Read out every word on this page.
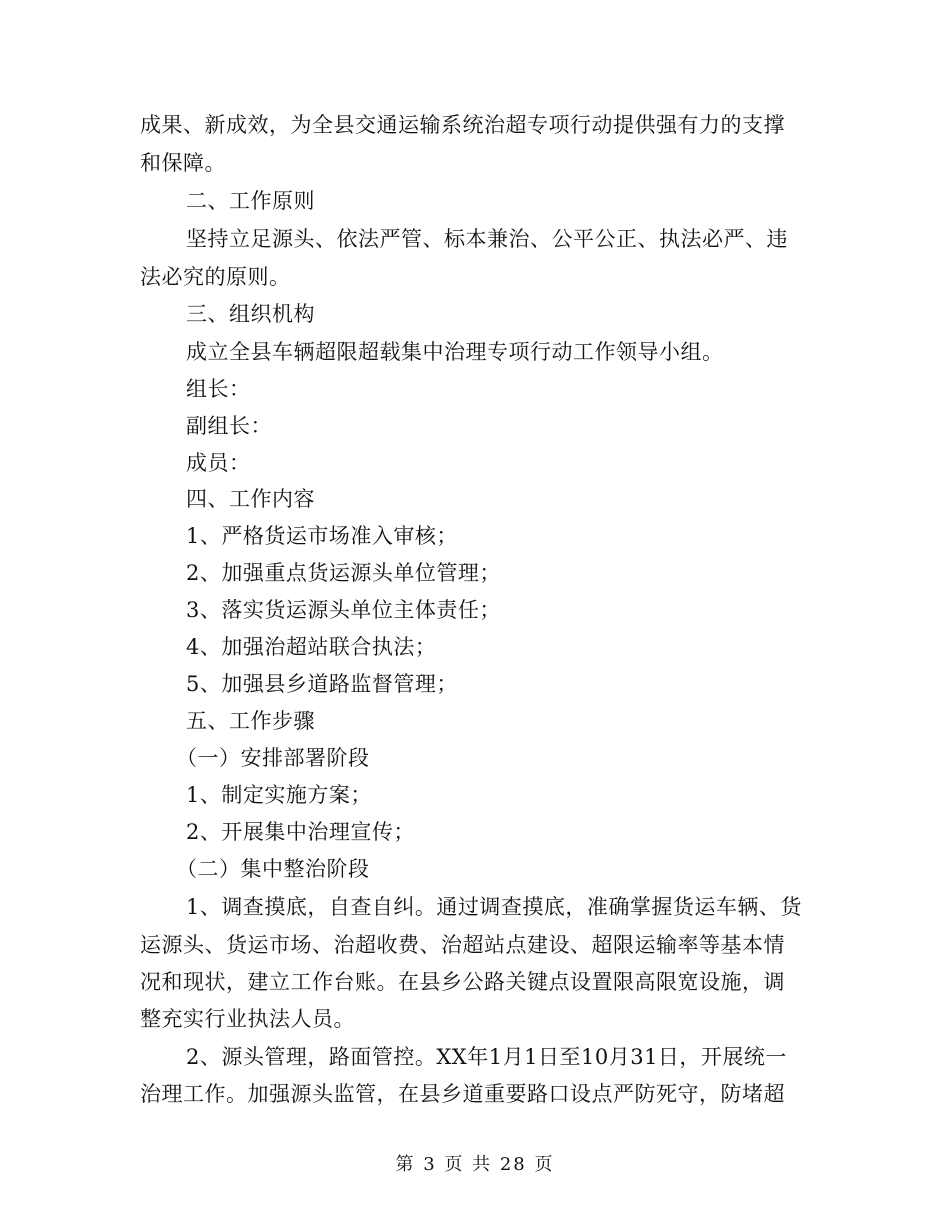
成果、新成效，为全县交通运输系统治超专项行动提供强有力的支撑
和保障。
二、工作原则
坚持立足源头、依法严管、标本兼治、公平公正、执法必严、违
法必究的原则。
三、组织机构
成立全县车辆超限超载集中治理专项行动工作领导小组。
组长：
副组长：
成员：
四、工作内容
1、严格货运市场准入审核；
2、加强重点货运源头单位管理；
3、落实货运源头单位主体责任；
4、加强治超站联合执法；
5、加强县乡道路监督管理；
五、工作步骤
（一）安排部署阶段
1、制定实施方案；
2、开展集中治理宣传；
（二）集中整治阶段
1、调查摸底，自查自纠。通过调查摸底，准确掌握货运车辆、货
运源头、货运市场、治超收费、治超站点建设、超限运输率等基本情
况和现状，建立工作台账。在县乡公路关键点设置限高限宽设施，调
整充实行业执法人员。
2、源头管理，路面管控。XX年1月1日至10月31日，开展统一
治理工作。加强源头监管，在县乡道重要路口设点严防死守，防堵超
第 3 页 共 28 页
